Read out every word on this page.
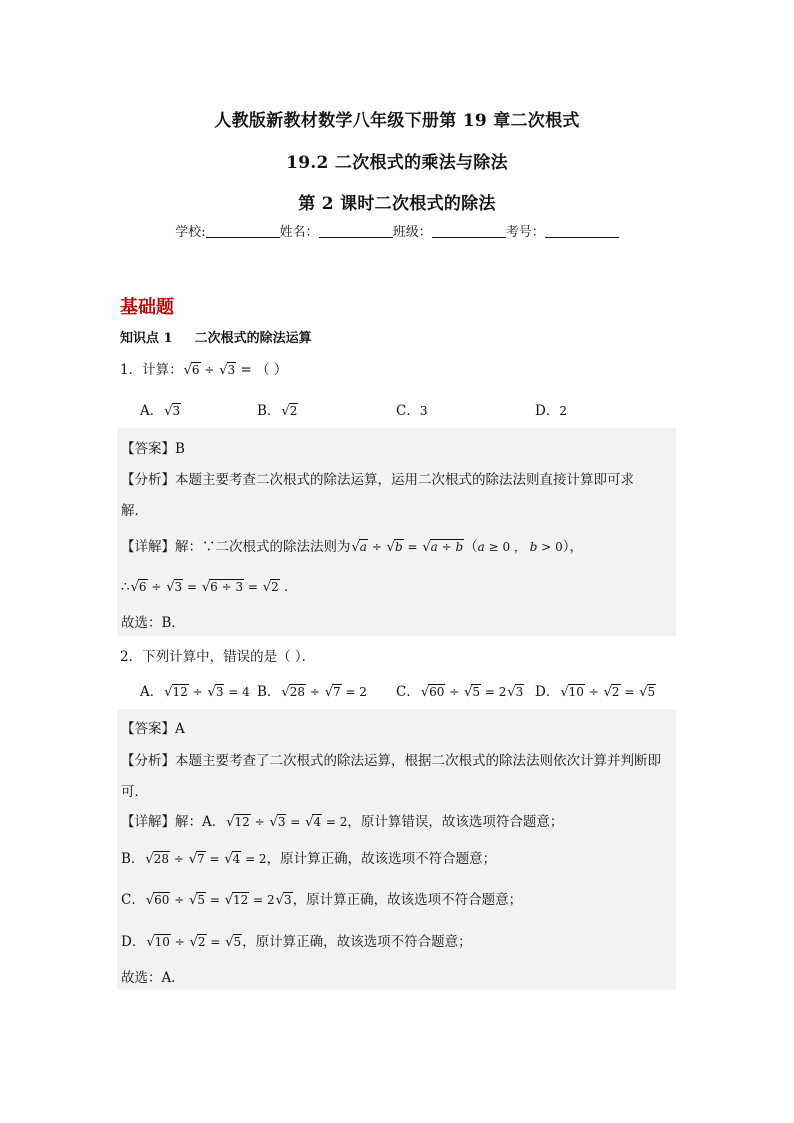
人教版新教材数学八年级下册第 19 章二次根式
19.2 二次根式的乘法与除法
第 2 课时二次根式的除法
学校:	姓名：	班级：	考号：
基础题
知识点 1 二次根式的除法运算
1．计算：√6 ÷ √3 = （ ）
A．√3	B．√2	C．3	D．2
【答案】B
【分析】本题主要考查二次根式的除法运算，运用二次根式的除法法则直接计算即可求
解．
【详解】解：∵二次根式的除法法则为√a ÷ √b = √a ÷ b（a ≥ 0 ， b > 0），
∴√6 ÷ √3 = √6 ÷ 3 = √2 ．
故选：B．
2．下列计算中，错误的是（ ）．
A．√12 ÷ √3 = 4 B．√28 ÷ √7 = 2 C．√60 ÷ √5 = 2√3 D．√10 ÷ √2 = √5
【答案】A
【分析】本题主要考查了二次根式的除法运算，根据二次根式的除法法则依次计算并判断即
可．
【详解】解：A．√12 ÷ √3 = √4 = 2，原计算错误，故该选项符合题意；
B．√28 ÷ √7 = √4 = 2，原计算正确，故该选项不符合题意；
C．√60 ÷ √5 = √12 = 2√3，原计算正确，故该选项不符合题意；
D．√10 ÷ √2 = √5，原计算正确，故该选项不符合题意；
故选：A．
